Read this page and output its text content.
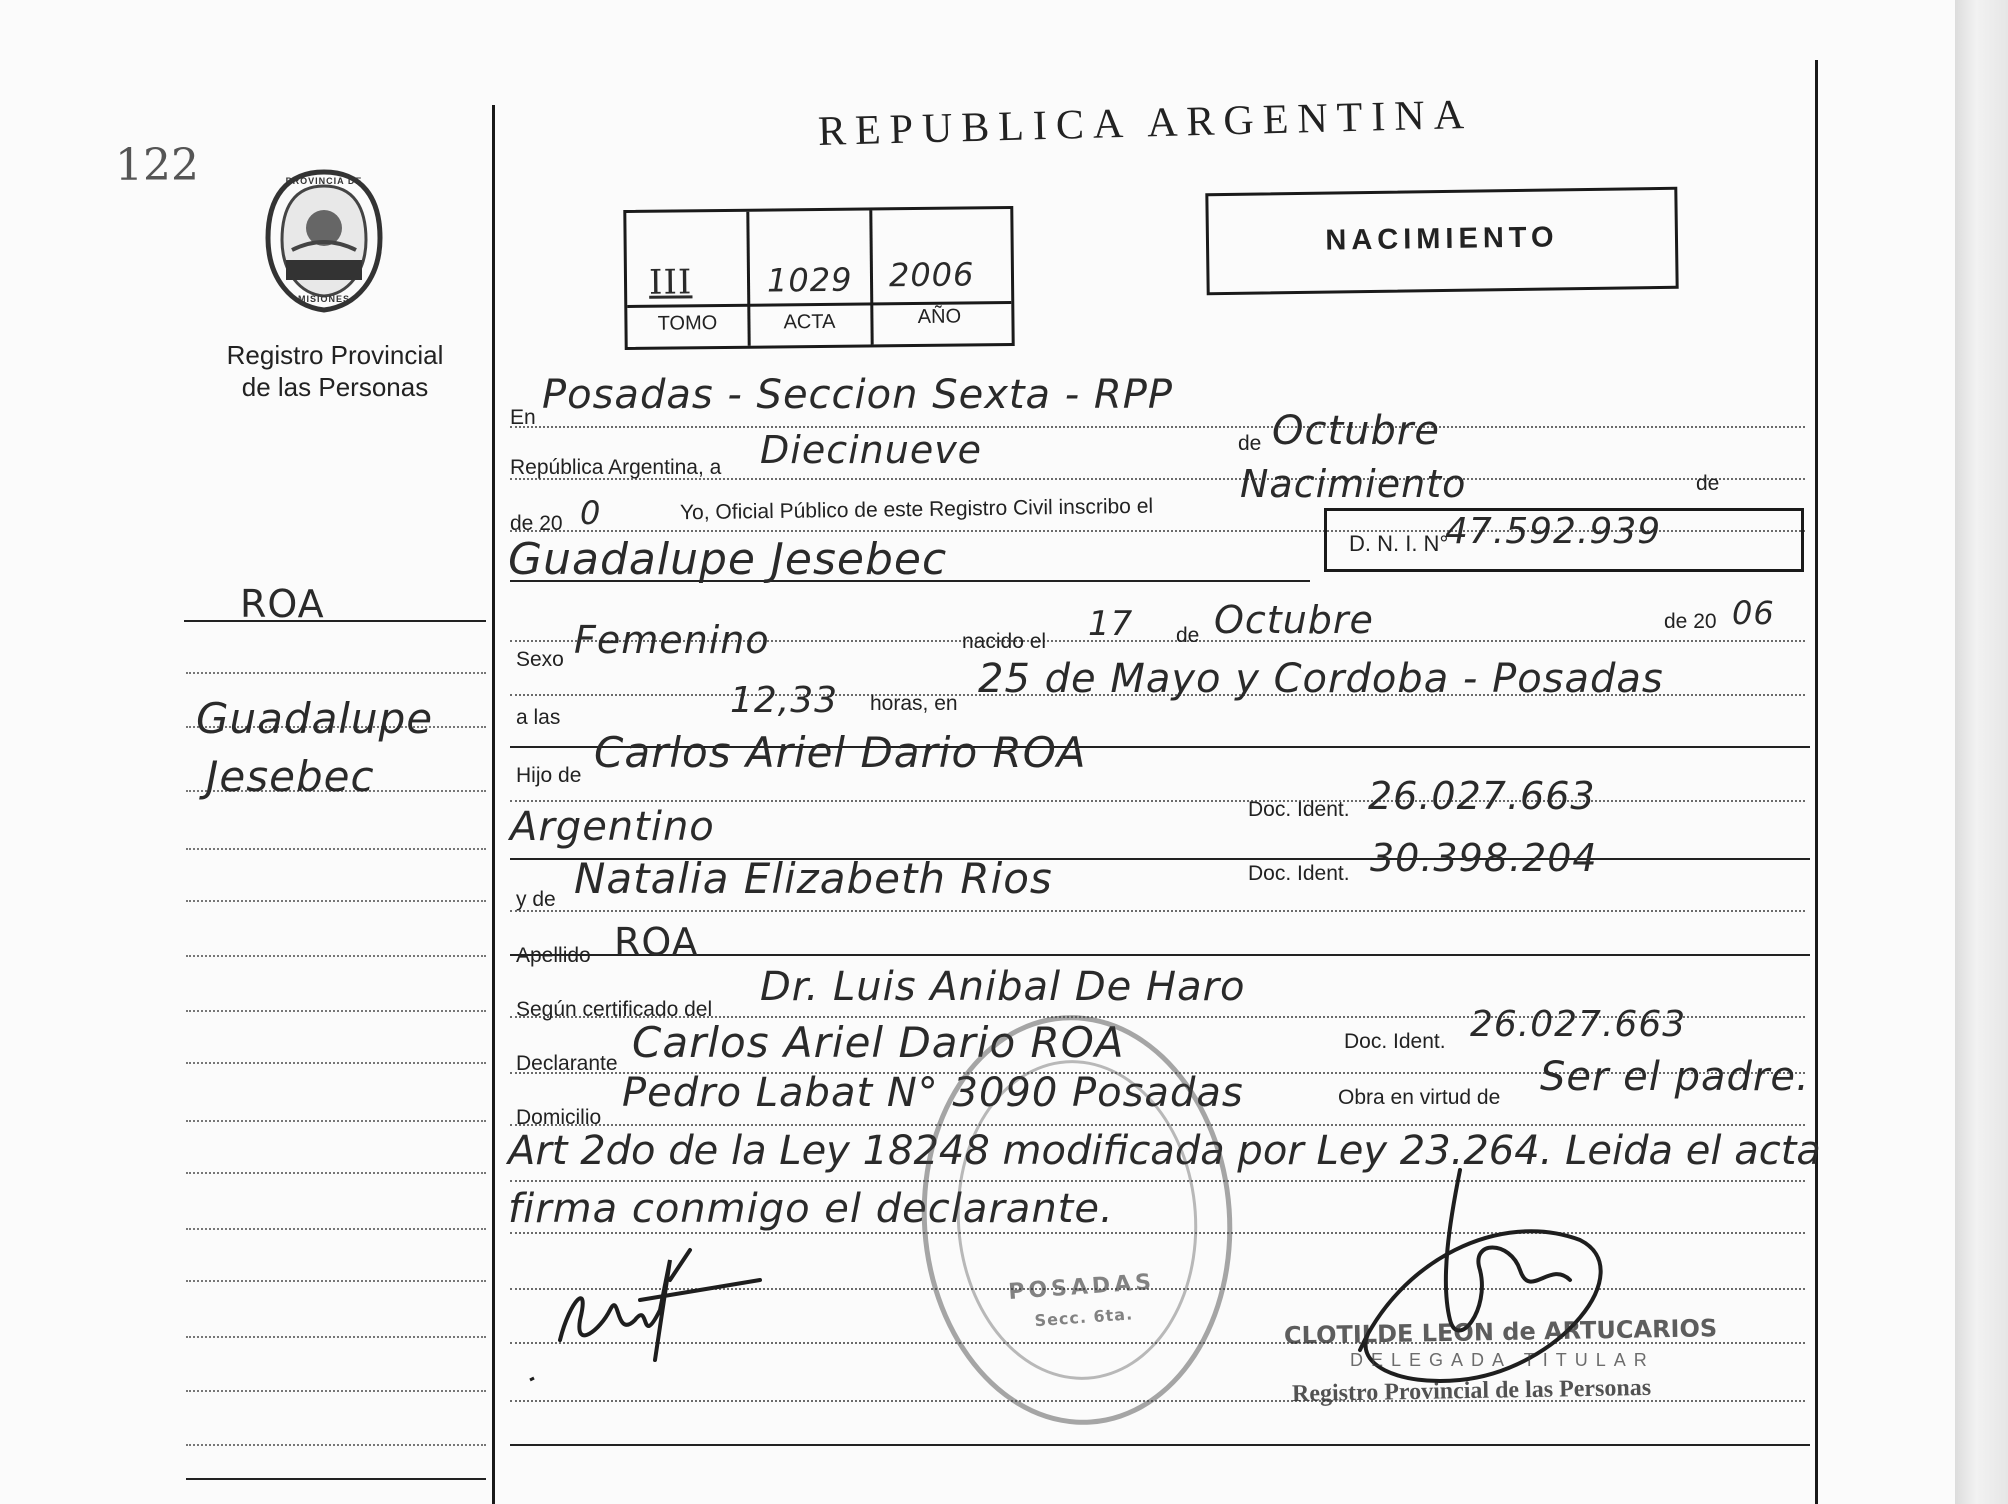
122	PROVINCIA DE
MISIONES
Registro Provincial
de las Personas
REPUBLICA ARGENTINA
III 1029 2006
TOMO	ACTA	AÑO
NACIMIENTO
ROA
Guadalupe
Jesebec
En Posadas - Seccion Sexta - RPP
República Argentina, a Diecinueve	de Octubre
de 20 0	Yo, Oficial Público de este Registro Civil inscribo el
Nacimiento	de
Guadalupe Jesebec	D. N. I. N°
47.592.939
Sexo Femenino	nacido el 17 de Octubre	de 20 06
a las	12,33 horas, en
25 de Mayo y Cordoba - Posadas
Hijo de Carlos Ariel Dario ROA
Argentino	Doc. Ident. 26.027.663
y de Natalia Elizabeth Rios	Doc. Ident. 30.398.204
Apellido ROA
Según certificado del Dr. Luis Anibal De Haro
Declarante Carlos Ariel Dario ROA	Doc. Ident. 26.027.663
Domicilio
Pedro Labat N° 3090 Posadas	Obra en virtud de Ser el padre.
Art 2do de la Ley 18248 modificada por Ley 23.264. Leida el acta
firma conmigo el declarante.
POSADAS
Secc. 6ta.	CLOTILDE LEON de ARTUCARIOS
DELEGADA TITULAR
Registro Provincial de las Personas
